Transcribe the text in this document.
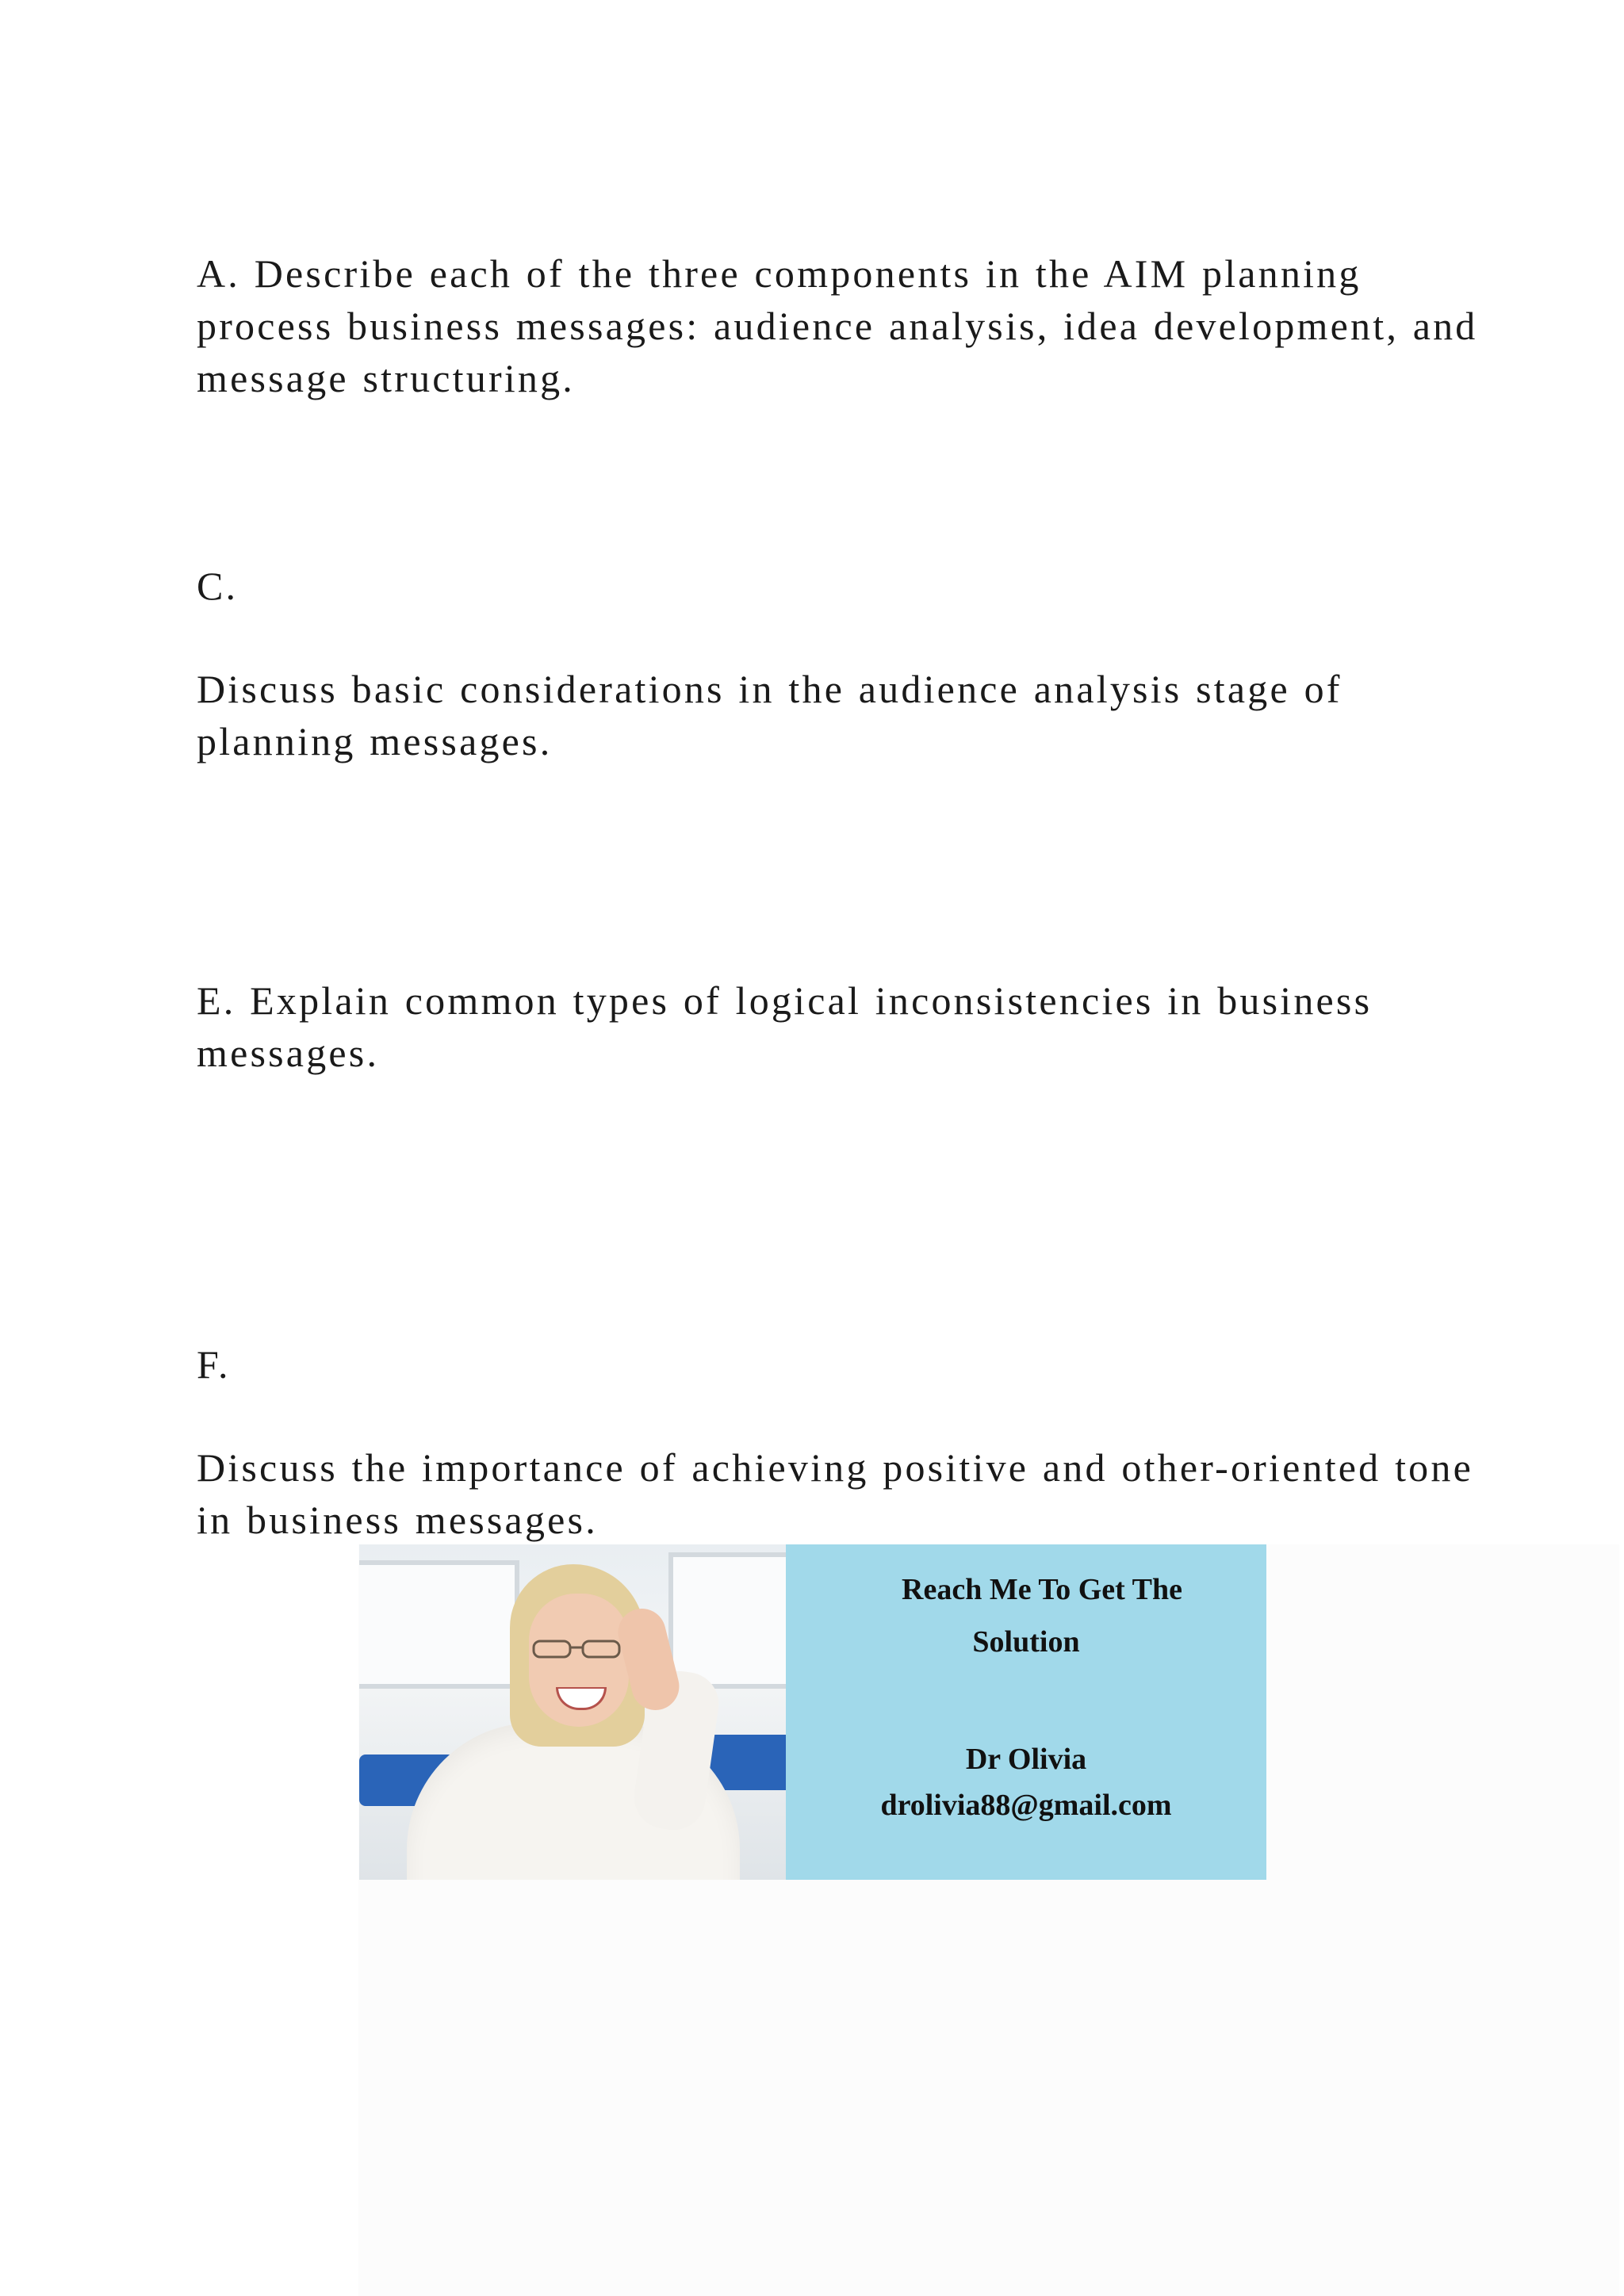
A. Describe each of the three components in the AIM planning process business messages: audience analysis, idea development, and message structuring.

C.

Discuss basic considerations in the audience analysis stage of planning messages.

E. Explain common types of logical inconsistencies in business messages.

F.

Discuss the importance of achieving positive and other-oriented tone in business messages.

Reach Me To Get The
Solution
Dr Olivia
drolivia88@gmail.com
